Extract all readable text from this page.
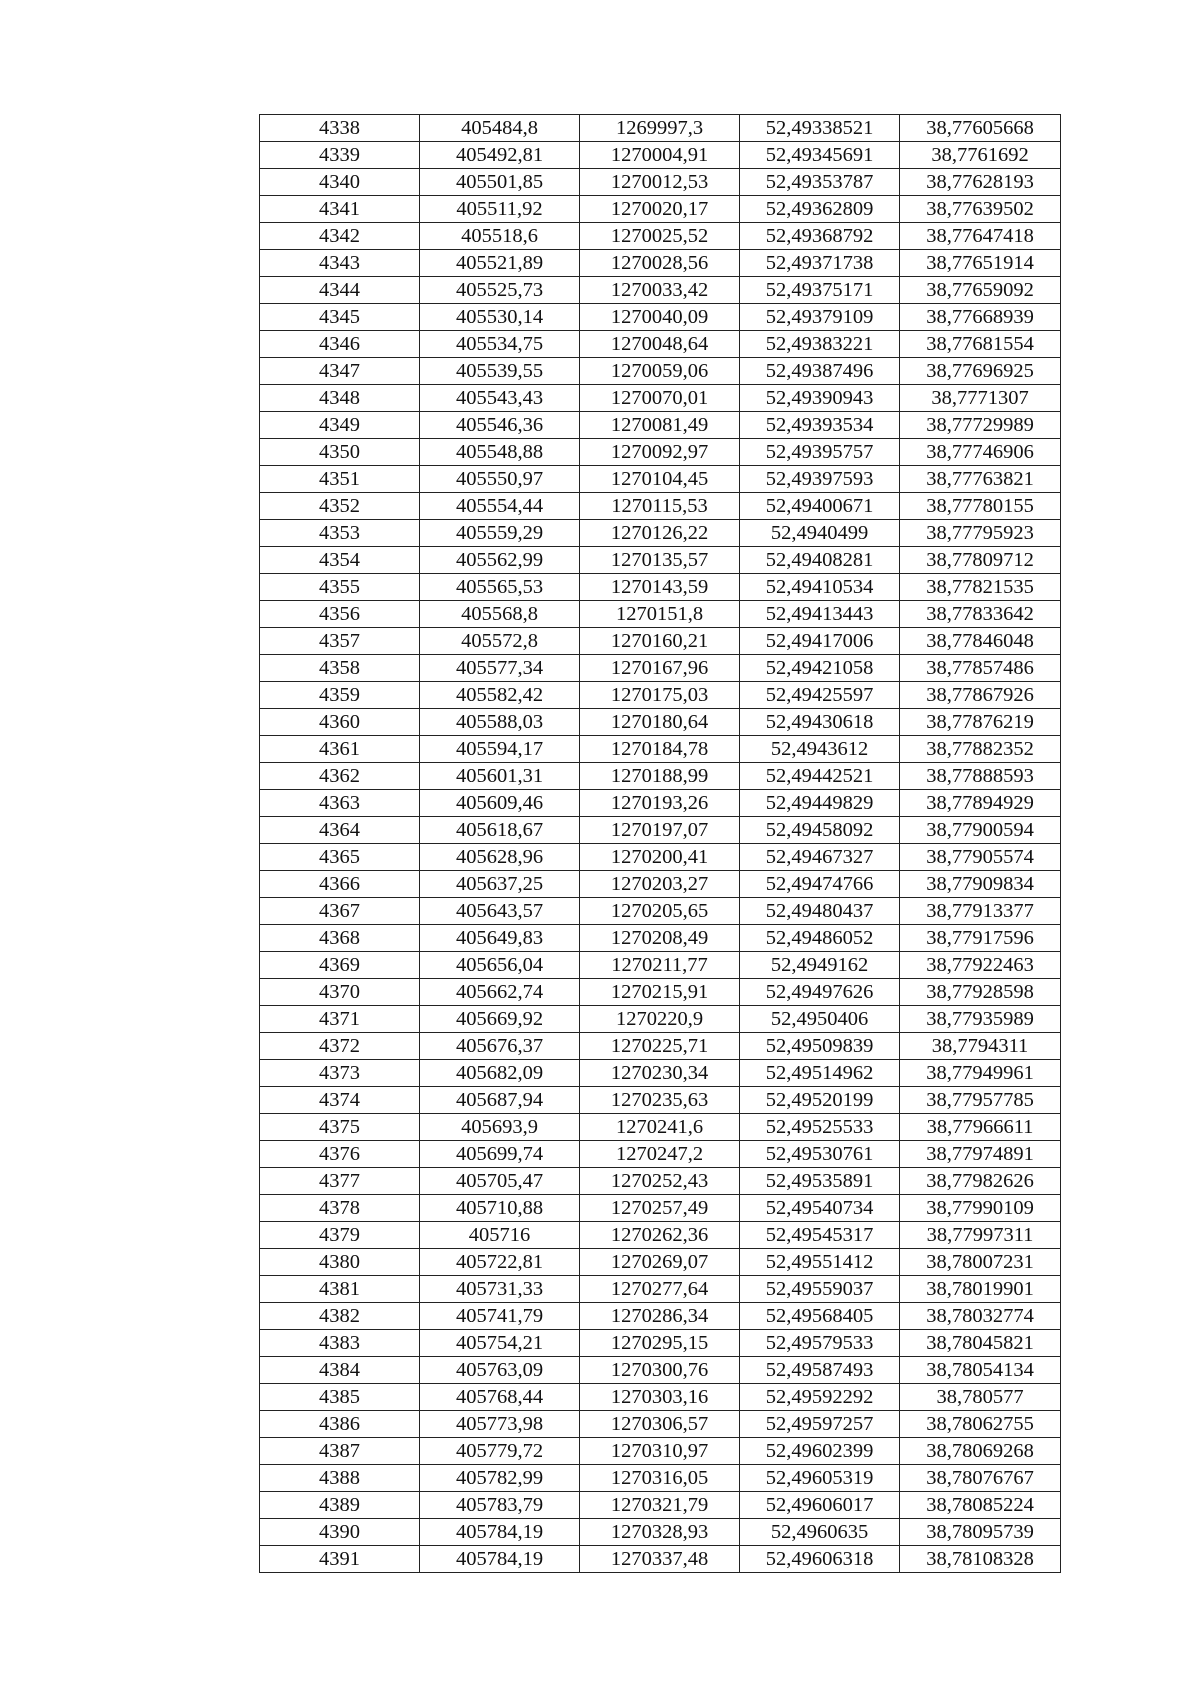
4338	405484,8	1269997,3	52,49338521	38,77605668
4339	405492,81	1270004,91	52,49345691	38,7761692
4340	405501,85	1270012,53	52,49353787	38,77628193
4341	405511,92	1270020,17	52,49362809	38,77639502
4342	405518,6	1270025,52	52,49368792	38,77647418
4343	405521,89	1270028,56	52,49371738	38,77651914
4344	405525,73	1270033,42	52,49375171	38,77659092
4345	405530,14	1270040,09	52,49379109	38,77668939
4346	405534,75	1270048,64	52,49383221	38,77681554
4347	405539,55	1270059,06	52,49387496	38,77696925
4348	405543,43	1270070,01	52,49390943	38,7771307
4349	405546,36	1270081,49	52,49393534	38,77729989
4350	405548,88	1270092,97	52,49395757	38,77746906
4351	405550,97	1270104,45	52,49397593	38,77763821
4352	405554,44	1270115,53	52,49400671	38,77780155
4353	405559,29	1270126,22	52,4940499	38,77795923
4354	405562,99	1270135,57	52,49408281	38,77809712
4355	405565,53	1270143,59	52,49410534	38,77821535
4356	405568,8	1270151,8	52,49413443	38,77833642
4357	405572,8	1270160,21	52,49417006	38,77846048
4358	405577,34	1270167,96	52,49421058	38,77857486
4359	405582,42	1270175,03	52,49425597	38,77867926
4360	405588,03	1270180,64	52,49430618	38,77876219
4361	405594,17	1270184,78	52,4943612	38,77882352
4362	405601,31	1270188,99	52,49442521	38,77888593
4363	405609,46	1270193,26	52,49449829	38,77894929
4364	405618,67	1270197,07	52,49458092	38,77900594
4365	405628,96	1270200,41	52,49467327	38,77905574
4366	405637,25	1270203,27	52,49474766	38,77909834
4367	405643,57	1270205,65	52,49480437	38,77913377
4368	405649,83	1270208,49	52,49486052	38,77917596
4369	405656,04	1270211,77	52,4949162	38,77922463
4370	405662,74	1270215,91	52,49497626	38,77928598
4371	405669,92	1270220,9	52,4950406	38,77935989
4372	405676,37	1270225,71	52,49509839	38,7794311
4373	405682,09	1270230,34	52,49514962	38,77949961
4374	405687,94	1270235,63	52,49520199	38,77957785
4375	405693,9	1270241,6	52,49525533	38,77966611
4376	405699,74	1270247,2	52,49530761	38,77974891
4377	405705,47	1270252,43	52,49535891	38,77982626
4378	405710,88	1270257,49	52,49540734	38,77990109
4379	405716	1270262,36	52,49545317	38,77997311
4380	405722,81	1270269,07	52,49551412	38,78007231
4381	405731,33	1270277,64	52,49559037	38,78019901
4382	405741,79	1270286,34	52,49568405	38,78032774
4383	405754,21	1270295,15	52,49579533	38,78045821
4384	405763,09	1270300,76	52,49587493	38,78054134
4385	405768,44	1270303,16	52,49592292	38,780577
4386	405773,98	1270306,57	52,49597257	38,78062755
4387	405779,72	1270310,97	52,49602399	38,78069268
4388	405782,99	1270316,05	52,49605319	38,78076767
4389	405783,79	1270321,79	52,49606017	38,78085224
4390	405784,19	1270328,93	52,4960635	38,78095739
4391	405784,19	1270337,48	52,49606318	38,78108328
